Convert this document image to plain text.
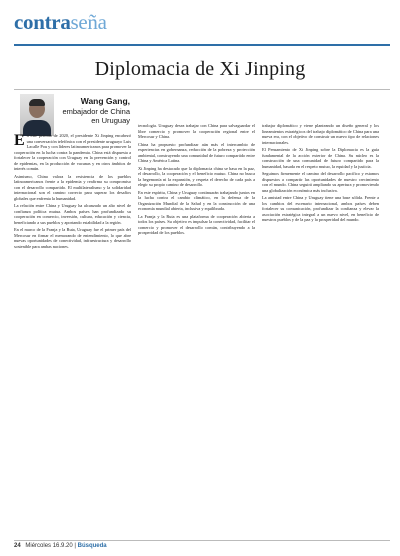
contraseña
Diplomacia de Xi Jinping
Wang Gang,
embajador de China en Uruguay

En este periodo de 2020, el presidente Xi Jinping encabezó una conversación telefónica con el presidente uruguayo Luis Lacalle Pou y con líderes latinoamericanos para promover la cooperación en la lucha contra la pandemia. China está dispuesta a fortalecer la cooperación con Uruguay en la prevención y control de epidemias, en la producción de vacunas y en otros ámbitos de interés común.

Asimismo, China valora la resistencia de los pueblos latinoamericanos frente a la epidemia y reafirma su compromiso con el desarrollo compartido. El multilateralismo y la solidaridad internacional son el camino correcto para superar los desafíos globales que enfrenta la humanidad.

La relación entre China y Uruguay ha alcanzado un alto nivel de confianza política mutua. Ambos países han profundizado su cooperación en comercio, inversión, cultura, educación y ciencia, beneficiando a sus pueblos y aportando estabilidad a la región.

En el marco de la Franja y la Ruta, Uruguay fue el primer país del Mercosur en firmar el memorando de entendimiento, lo que abre nuevas oportunidades de conectividad, infraestructura y desarrollo sostenible para ambas naciones.

tecnología. Uruguay desea trabajar con China para salvaguardar el libre comercio y promover la cooperación regional entre el Mercosur y China.

China ha propuesto profundizar aún más el intercambio de experiencias en gobernanza, reducción de la pobreza y protección ambiental, construyendo una comunidad de futuro compartido entre China y América Latina.

Xi Jinping ha destacado que la diplomacia china se basa en la paz, el desarrollo, la cooperación y el beneficio mutuo. China no busca la hegemonía ni la expansión, y respeta el derecho de cada país a elegir su propio camino de desarrollo.

En este espíritu, China y Uruguay continuarán trabajando juntos en la lucha contra el cambio climático, en la defensa de la Organización Mundial de la Salud y en la construcción de una economía mundial abierta, inclusiva y equilibrada.

La Franja y la Ruta es una plataforma de cooperación abierta a todos los países. Su objetivo es impulsar la conectividad, facilitar el comercio y promover el desarrollo común, contribuyendo a la prosperidad de los pueblos.

trabajar diplomático y viene planteando un diseño general y los lineamientos estratégicos del trabajo diplomático de China para una nueva era, con el objetivo de construir un nuevo tipo de relaciones internacionales.

El Pensamiento de Xi Jinping sobre la Diplomacia es la guía fundamental de la acción exterior de China. Su núcleo es la construcción de una comunidad de futuro compartido para la humanidad, basada en el respeto mutuo, la equidad y la justicia.

Seguimos firmemente el camino del desarrollo pacífico y estamos dispuestos a compartir las oportunidades de nuestro crecimiento con el mundo. China seguirá ampliando su apertura y promoviendo una globalización económica más inclusiva.

La amistad entre China y Uruguay tiene una base sólida. Frente a los cambios del escenario internacional, ambos países deben fortalecer su comunicación, profundizar la confianza y elevar la asociación estratégica integral a un nuevo nivel, en beneficio de nuestros pueblos y de la paz y la prosperidad del mundo.

24 Miércoles 16.9.20 | Búsqueda
